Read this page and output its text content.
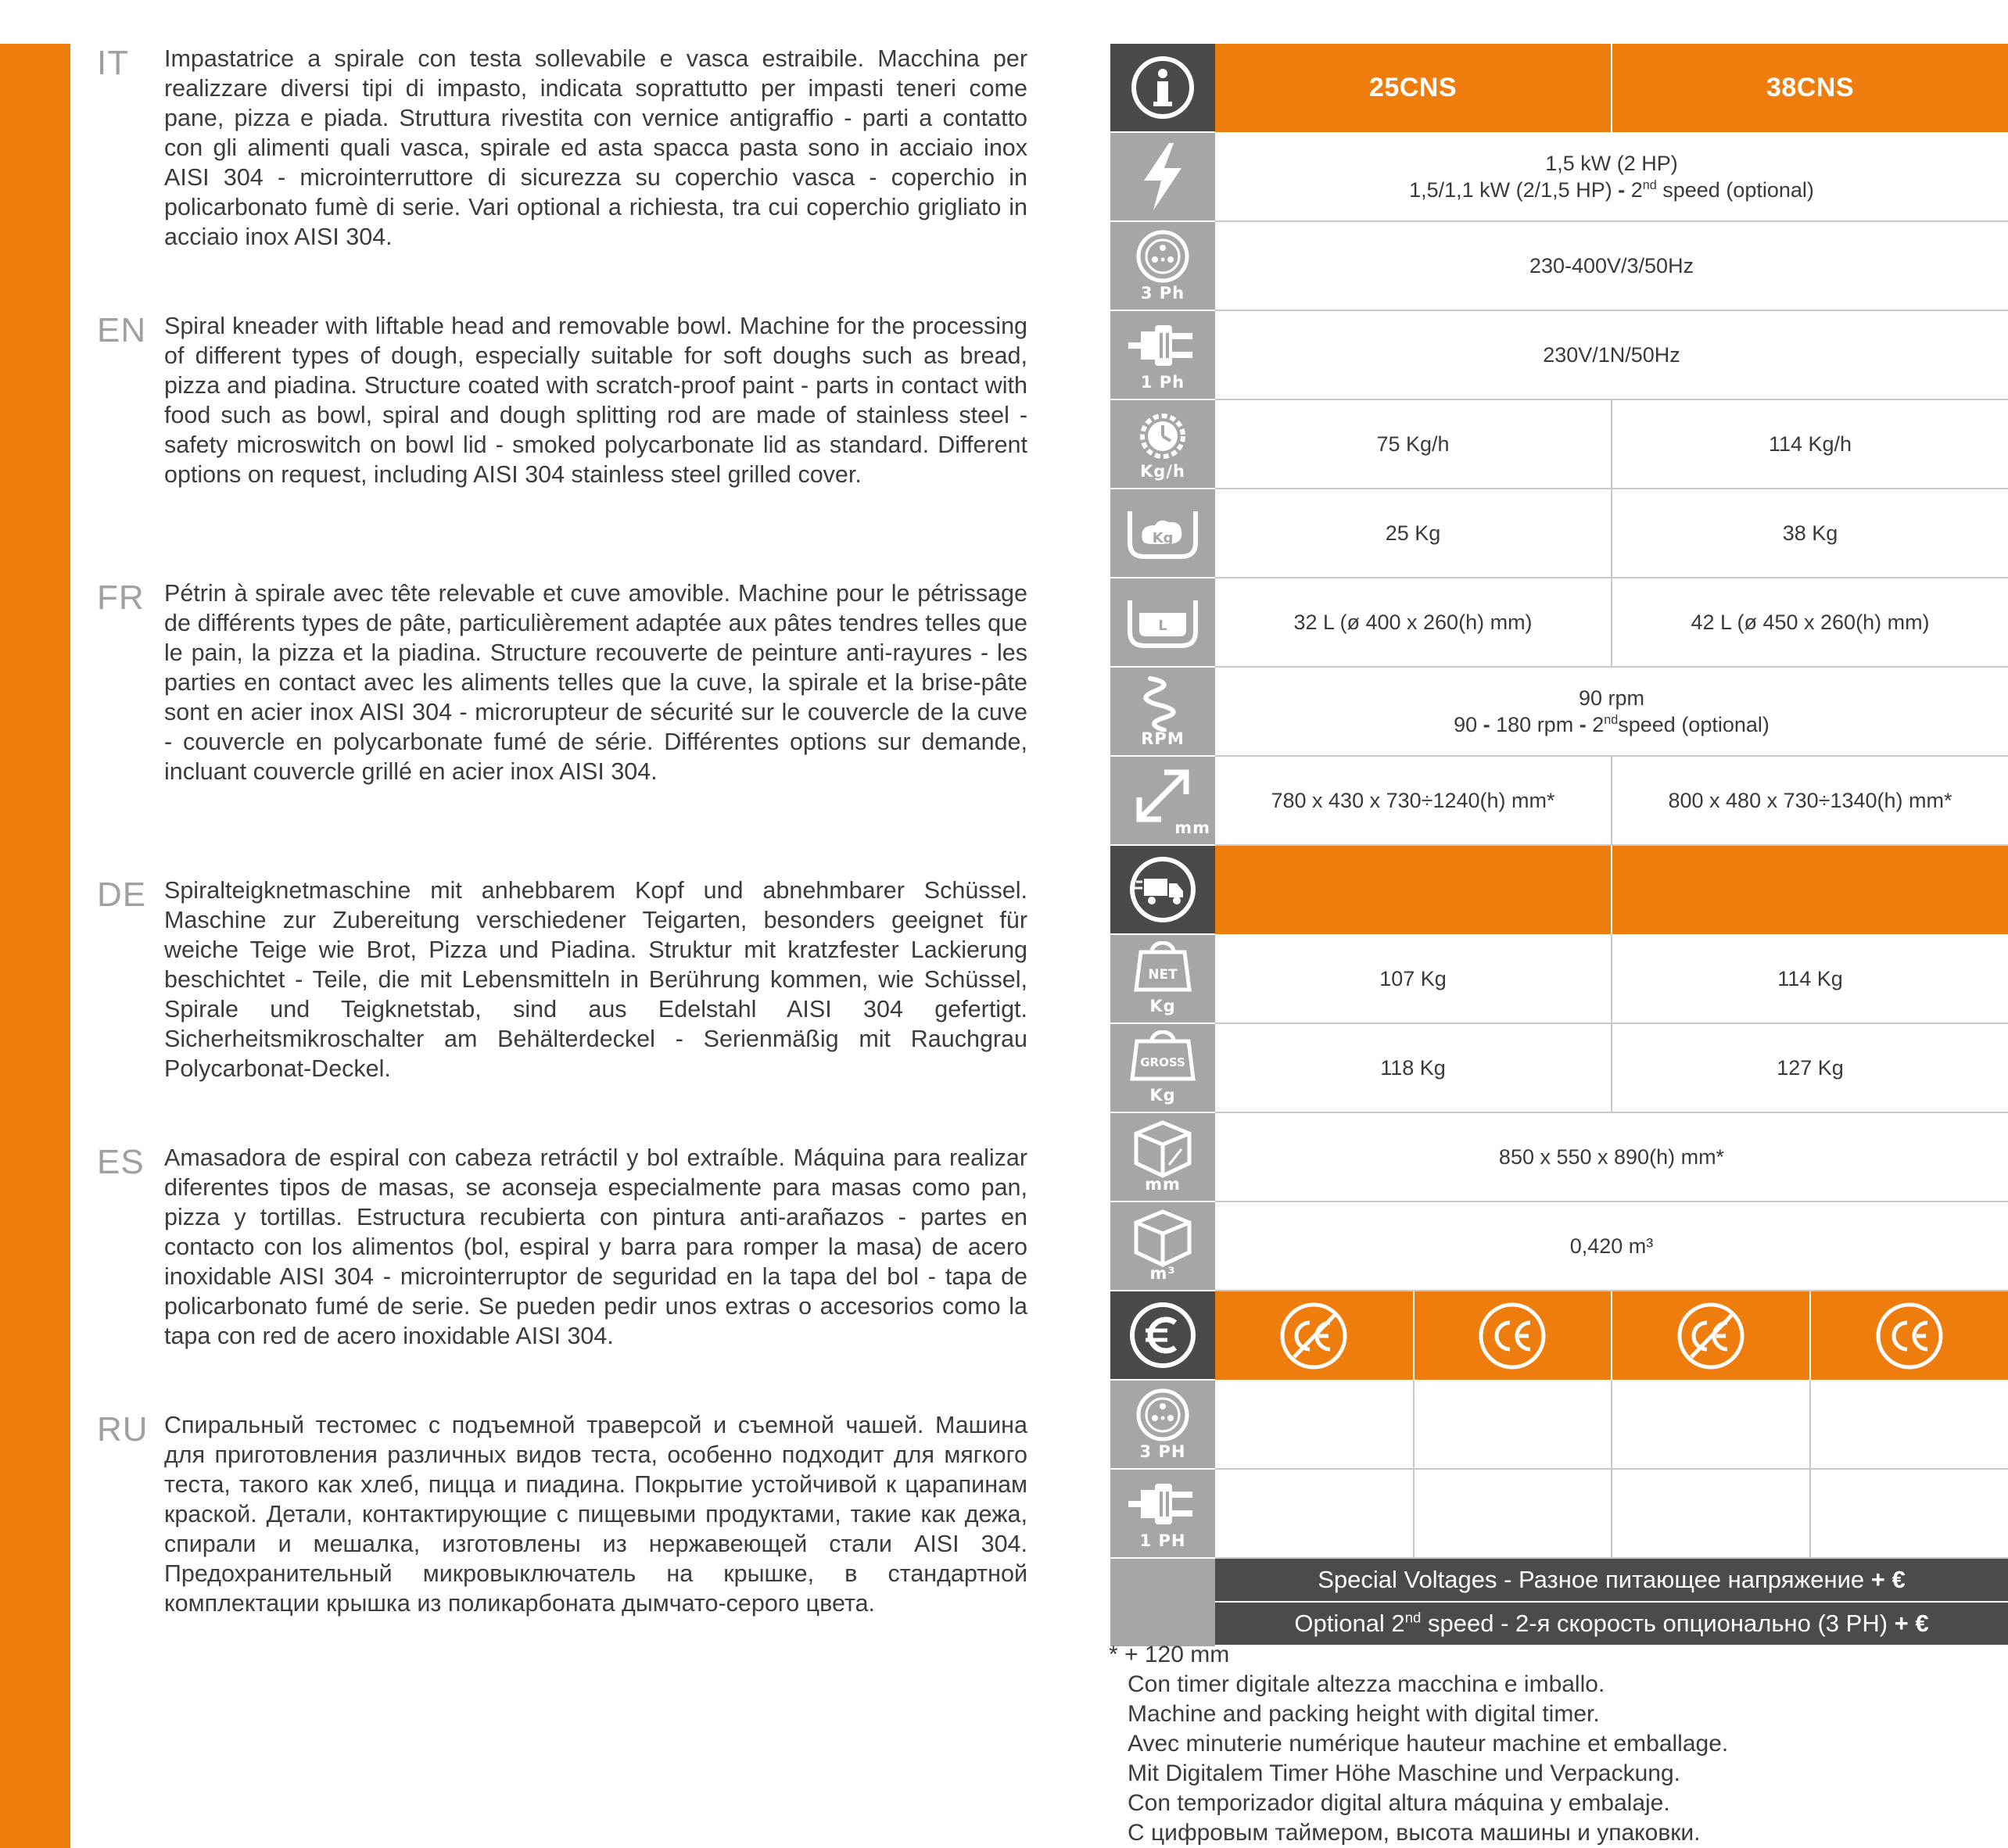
IT Impastatrice a spirale con testa sollevabile e vasca estraibile. Macchina per realizzare diversi tipi di impasto, indicata soprattutto per impasti teneri come pane, pizza e piada. Struttura rivestita con vernice antigraffio - parti a contatto con gli alimenti quali vasca, spirale ed asta spacca pasta sono in acciaio inox AISI 304 - microinterruttore di sicurezza su coperchio vasca - coperchio in policarbonato fumè di serie. Vari optional a richiesta, tra cui coperchio grigliato in acciaio inox AISI 304.

EN Spiral kneader with liftable head and removable bowl. Machine for the processing of different types of dough, especially suitable for soft doughs such as bread, pizza and piadina. Structure coated with scratch-proof paint - parts in contact with food such as bowl, spiral and dough splitting rod are made of stainless steel - safety microswitch on bowl lid - smoked polycarbonate lid as standard. Different options on request, including AISI 304 stainless steel grilled cover.

FR Pétrin à spirale avec tête relevable et cuve amovible. Machine pour le pétrissage de différents types de pâte, particulièrement adaptée aux pâtes tendres telles que le pain, la pizza et la piadina. Structure recouverte de peinture anti-rayures - les parties en contact avec les aliments telles que la cuve, la spirale et la brise-pâte sont en acier inox AISI 304 - microrupteur de sécurité sur le couvercle de la cuve - couvercle en polycarbonate fumé de série. Différentes options sur demande, incluant couvercle grillé en acier inox AISI 304.

DE Spiralteigknetmaschine mit anhebbarem Kopf und abnehmbarer Schüssel. Maschine zur Zubereitung verschiedener Teigarten, besonders geeignet für weiche Teige wie Brot, Pizza und Piadina. Struktur mit kratzfester Lackierung beschichtet - Teile, die mit Lebensmitteln in Berührung kommen, wie Schüssel, Spirale und Teigknetstab, sind aus Edelstahl AISI 304 gefertigt. Sicherheitsmikroschalter am Behälterdeckel - Serienmäßig mit Rauchgrau Polycarbonat-Deckel.

ES Amasadora de espiral con cabeza retráctil y bol extraíble. Máquina para realizar diferentes tipos de masas, se aconseja especialmente para masas como pan, pizza y tortillas. Estructura recubierta con pintura anti-arañazos - partes en contacto con los alimentos (bol, espiral y barra para romper la masa) de acero inoxidable AISI 304 - microinterruptor de seguridad en la tapa del bol - tapa de policarbonato fumé de serie. Se pueden pedir unos extras o accesorios como la tapa con red de acero inoxidable AISI 304.

RU Спиральный тестомес с подъемной траверсой и съемной чашей. Машина для приготовления различных видов теста, особенно подходит для мягкого теста, такого как хлеб, пицца и пиадина. Покрытие устойчивой к царапинам краской. Детали, контактирующие с пищевыми продуктами, такие как дежа, спирали и мешалка, изготовлены из нержавеющей стали AISI 304. Предохранительный микровыключатель на крышке, в стандартной комплектации крышка из поликарбоната дымчато-серого цвета.

	25CNS		38CNS	

1,5 kW (2 HP)
1,5/1,1 kW (2/1,5 HP) - 2nd speed (optional)			

3 Ph	230-400V/3/50Hz			

1 Ph	230V/1N/50Hz			

Kg/h	75 Kg/h		114 Kg/h	

Kg	25 Kg		38 Kg	

L	32 L (ø 400 x 260(h) mm)		42 L (ø 450 x 260(h) mm)	

RPM	90 rpm
90 - 180 rpm - 2ndspeed (optional)			

mm	780 x 430 x 730÷1240(h) mm*		800 x 480 x 730÷1340(h) mm*	

NET
Kg	107 Kg		114 Kg	

GROSS
Kg	118 Kg		127 Kg	

mm	850 x 550 x 890(h) mm*			

m³	0,420 m³			

3 PH				

1 PH				

Special Voltages - Разное питающее напряжение + €
Optional 2nd speed - 2-я скорость опционально (3 PH) + €
* + 120 mm
Con timer digitale altezza macchina e imballo.
Machine and packing height with digital timer.
Avec minuterie numérique hauteur machine et emballage.
Mit Digitalem Timer Höhe Maschine und Verpackung.
Con temporizador digital altura máquina y embalaje.
С цифровым таймером, высота машины и упаковки.
